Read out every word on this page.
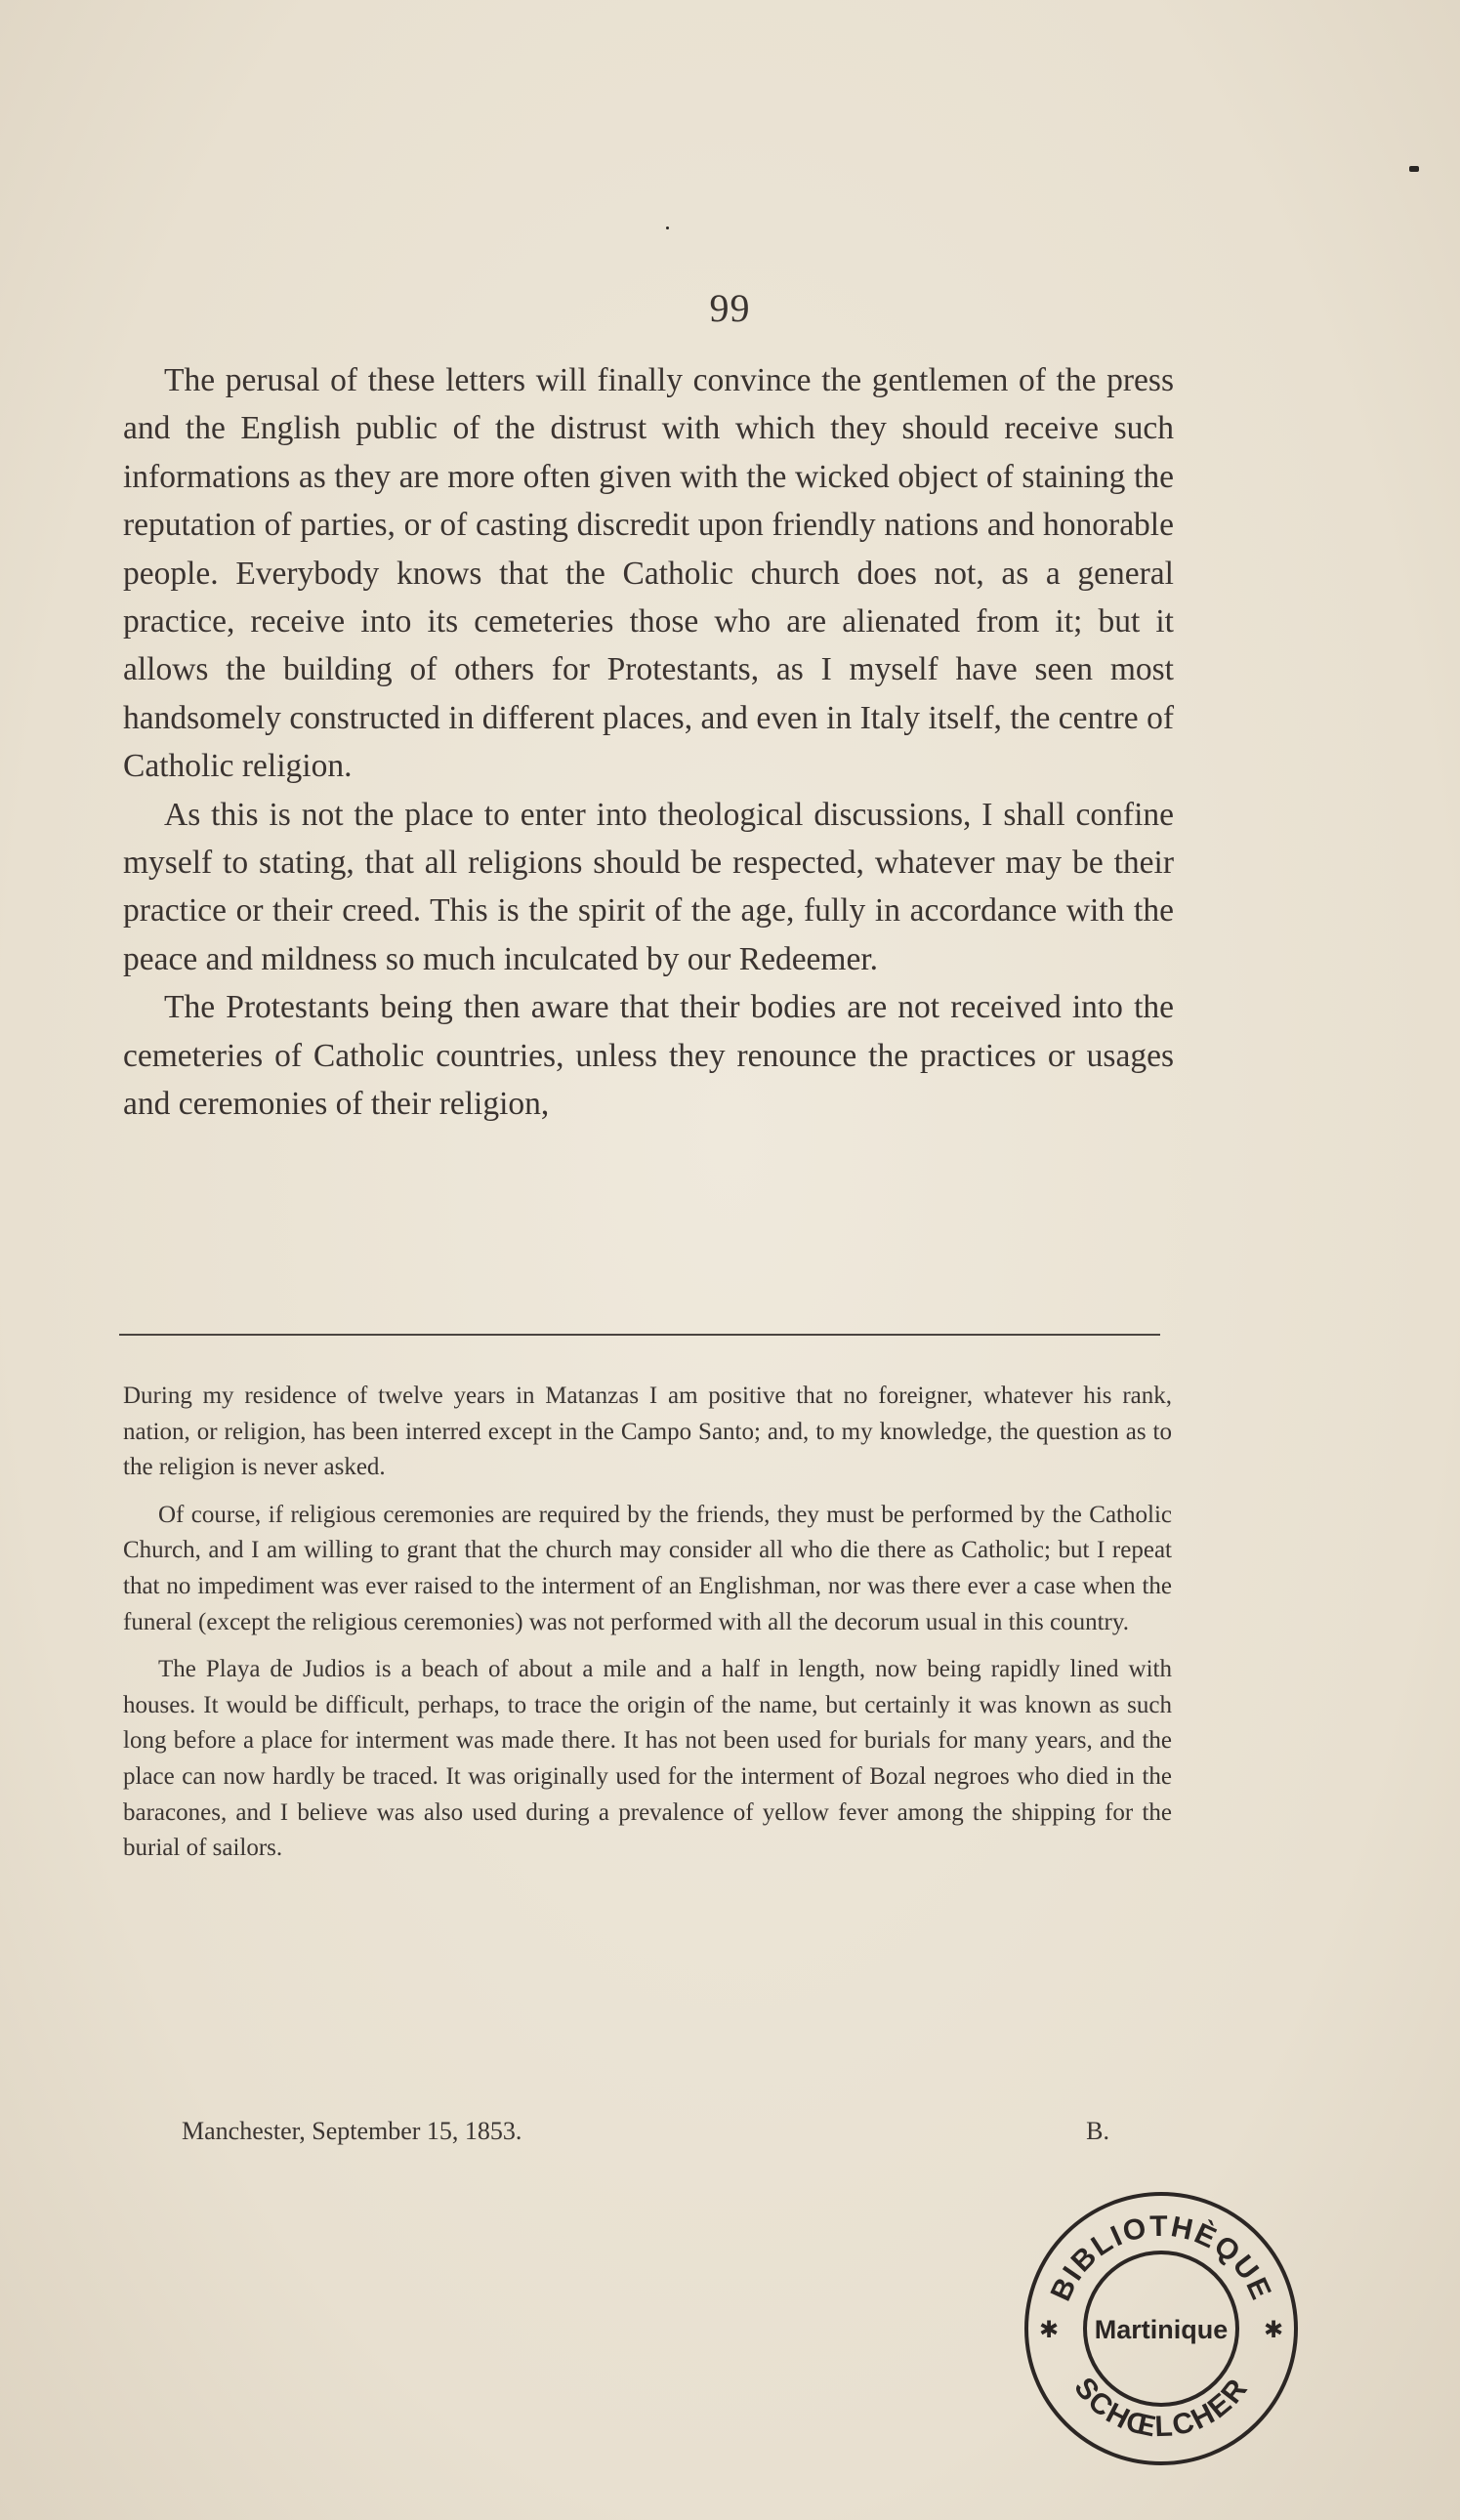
99

The perusal of these letters will finally convince the gentlemen of the press and the English public of the distrust with which they should receive such informations as they are more often given with the wicked object of staining the reputation of parties, or of casting discredit upon friendly nations and honorable people. Everybody knows that the Catholic church does not, as a general practice, receive into its cemeteries those who are alienated from it; but it allows the building of others for Protestants, as I myself have seen most handsomely constructed in different places, and even in Italy itself, the centre of Catholic religion.

As this is not the place to enter into theological discussions, I shall confine myself to stating, that all religions should be respected, whatever may be their practice or their creed. This is the spirit of the age, fully in accordance with the peace and mildness so much inculcated by our Redeemer.

The Protestants being then aware that their bodies are not received into the cemeteries of Catholic countries, unless they renounce the practices or usages and ceremonies of their religion,

During my residence of twelve years in Matanzas I am positive that no foreigner, whatever his rank, nation, or religion, has been interred except in the Campo Santo; and, to my knowledge, the question as to the religion is never asked.

Of course, if religious ceremonies are required by the friends, they must be performed by the Catholic Church, and I am willing to grant that the church may consider all who die there as Catholic; but I repeat that no impediment was ever raised to the interment of an Englishman, nor was there ever a case when the funeral (except the religious ceremonies) was not performed with all the decorum usual in this country.

The Playa de Judios is a beach of about a mile and a half in length, now being rapidly lined with houses. It would be difficult, perhaps, to trace the origin of the name, but certainly it was known as such long before a place for interment was made there. It has not been used for burials for many years, and the place can now hardly be traced. It was originally used for the interment of Bozal negroes who died in the baracones, and I believe was also used during a prevalence of yellow fever among the shipping for the burial of sailors.

Manchester, September 15, 1853.	B.
BIBLIOTHÈQUE
SCHŒLCHER
Martinique
✱	✱
